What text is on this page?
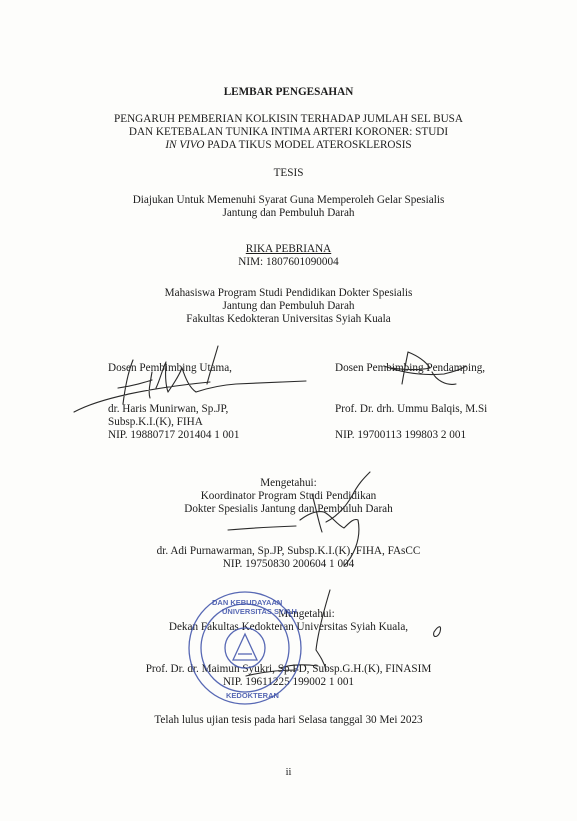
LEMBAR PENGESAHAN
PENGARUH PEMBERIAN KOLKISIN TERHADAP JUMLAH SEL BUSA
DAN KETEBALAN TUNIKA INTIMA ARTERI KORONER: STUDI
IN VIVO PADA TIKUS MODEL ATEROSKLEROSIS
TESIS
Diajukan Untuk Memenuhi Syarat Guna Memperoleh Gelar Spesialis
Jantung dan Pembuluh Darah
RIKA PEBRIANA
NIM: 1807601090004
Mahasiswa Program Studi Pendidikan Dokter Spesialis
Jantung dan Pembuluh Darah
Fakultas Kedokteran Universitas Syiah Kuala
Dosen Pembimbing Utama,
dr. Haris Munirwan, Sp.JP,
Subsp.K.I.(K), FIHA
NIP. 19880717 201404 1 001
Dosen Pembimbing Pendamping,
Prof. Dr. drh. Ummu Balqis, M.Si
NIP. 19700113 199803 2 001
Mengetahui:
Koordinator Program Studi Pendidikan
Dokter Spesialis Jantung dan Pembuluh Darah
dr. Adi Purnawarman, Sp.JP, Subsp.K.I.(K), FIHA, FAsCC
NIP. 19750830 200604 1 004
Mengetahui:
Dekan Fakultas Kedokteran Universitas Syiah Kuala,
Prof. Dr. dr. Maimun Syukri, Sp.PD, Subsp.G.H.(K), FINASIM
NIP. 19611225 199002 1 001
Telah lulus ujian tesis pada hari Selasa tanggal 30 Mei 2023
ii
DAN KEBUDAYAAN
UNIVERSITAS SYIAH
KEDOKTERAN
